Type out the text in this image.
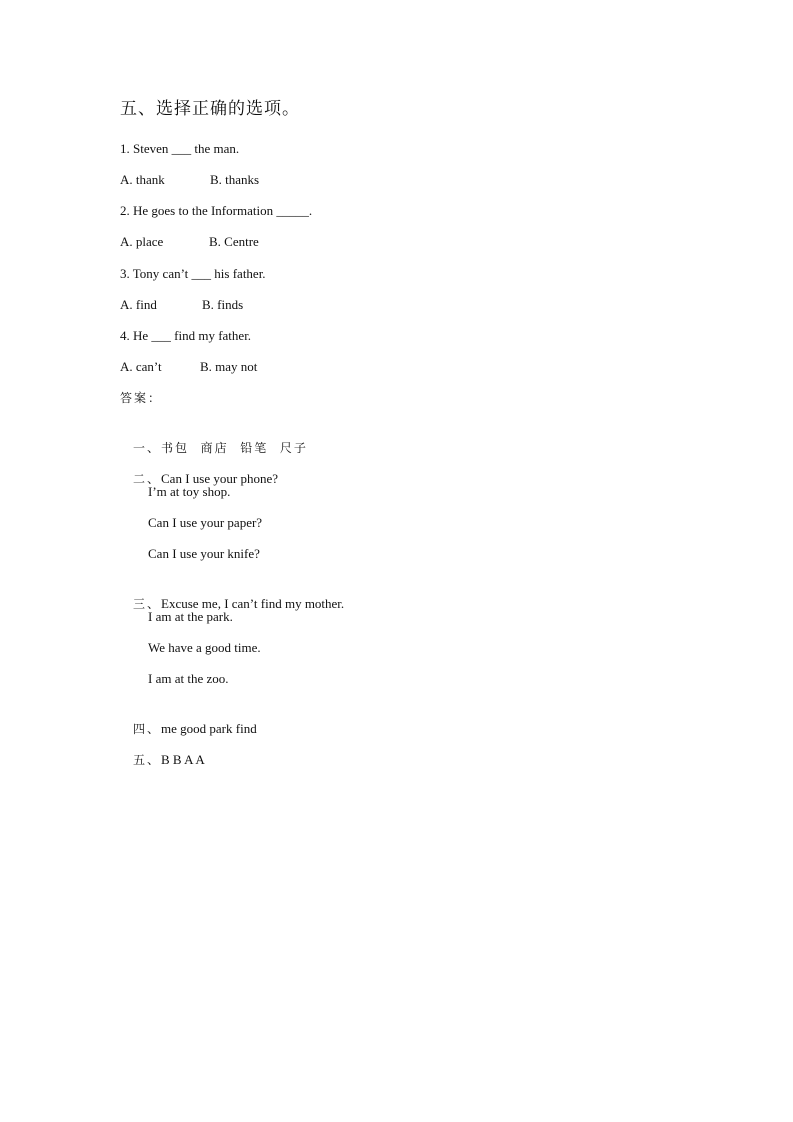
五、选择正确的选项。
1. Steven ___ the man.
A. thank	B. thanks
2. He goes to the Information _____.
A. place	B. Centre
3. Tony can’t ___ his father.
A. find	B. finds
4. He ___ find my father.
A. can’t	B. may not
答案：

一、书包  商店  铅笔  尺子

二、Can I use your phone?

I’m at toy shop.
Can I use your paper?
Can I use your knife?

三、Excuse me, I can’t find my mother.

I am at the park.
We have a good time.
I am at the zoo.

四、me good park find

五、B B A A
